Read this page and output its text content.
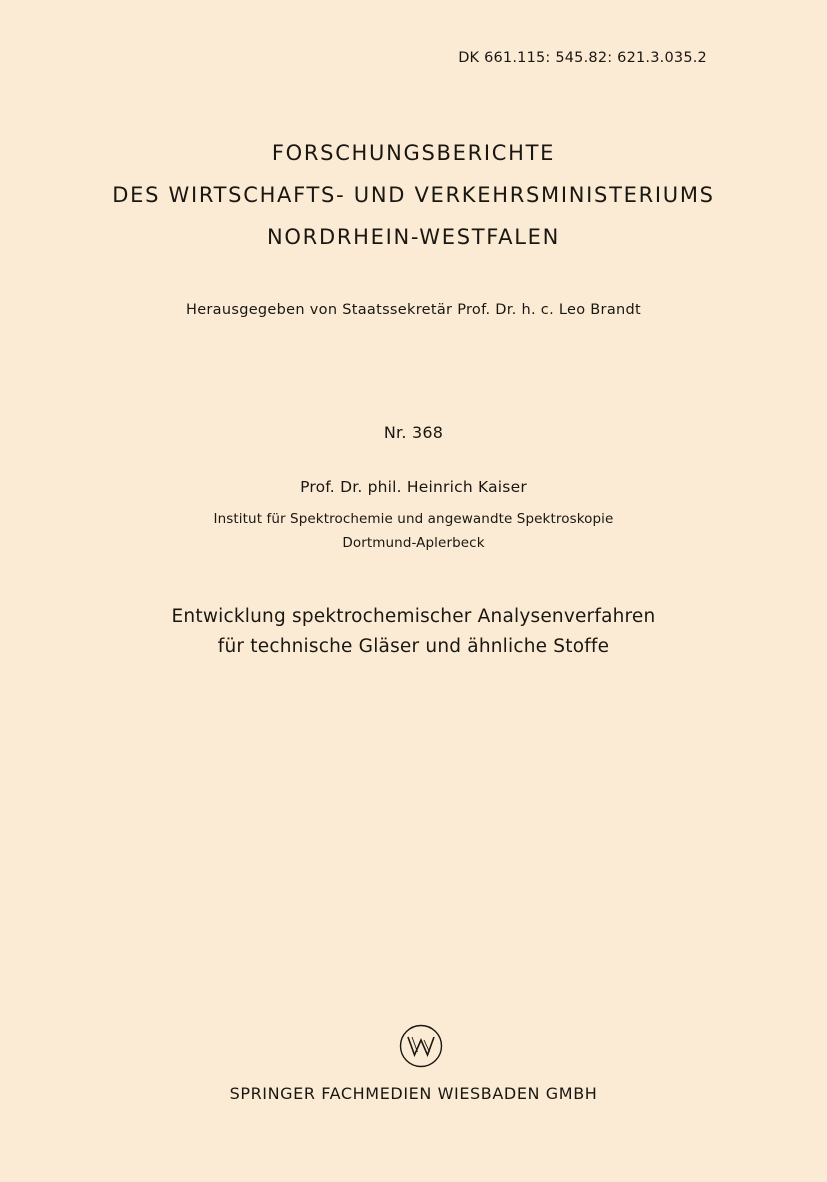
DK 661.115: 545.82: 621.3.035.2
FORSCHUNGSBERICHTE
DES WIRTSCHAFTS- UND VERKEHRSMINISTERIUMS
NORDRHEIN-WESTFALEN
Herausgegeben von Staatssekretär Prof. Dr. h. c. Leo Brandt
Nr. 368
Prof. Dr. phil. Heinrich Kaiser
Institut für Spektrochemie und angewandte Spektroskopie
Dortmund-Aplerbeck
Entwicklung spektrochemischer Analysenverfahren
für technische Gläser und ähnliche Stoffe
SPRINGER FACHMEDIEN WIESBADEN GMBH
